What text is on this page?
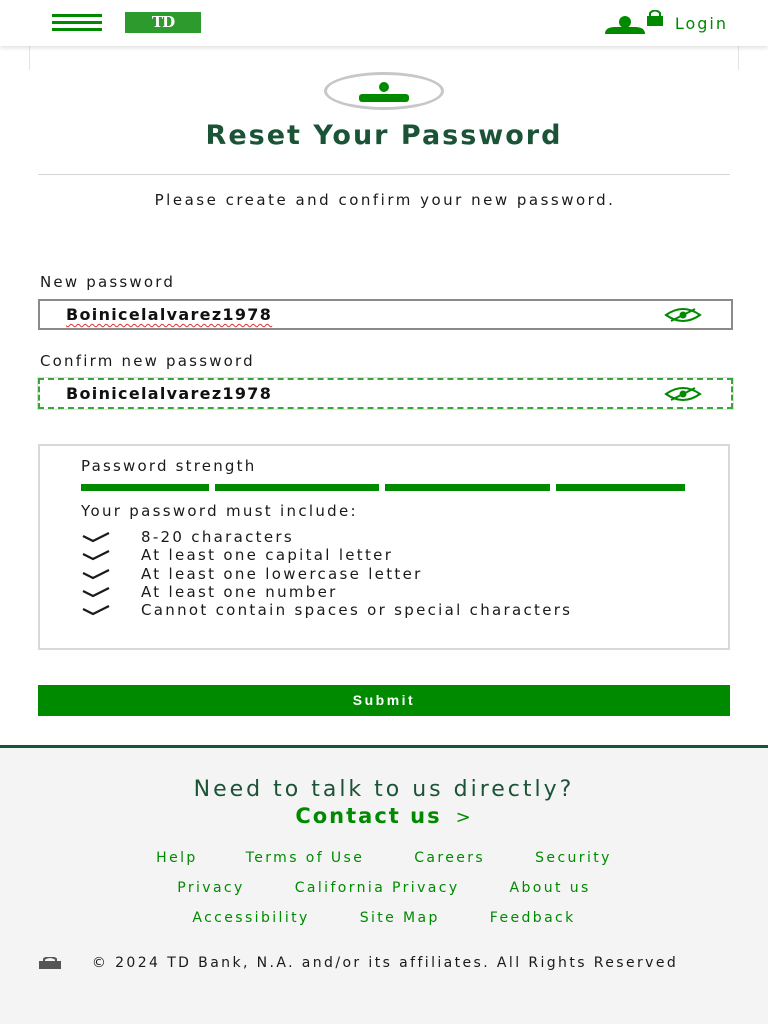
TD	Login
Reset Your Password

Please create and confirm your new password.

New password
Boinicelalvarez1978
Confirm new password
Boinicelalvarez1978
Password strength
Your password must include:
8-20 characters
At least one capital letter
At least one lowercase letter
At least one number
Cannot contain spaces or special characters
Submit
Need to talk to us directly?
Contact us >
Help	Terms of Use	Careers	Security
Privacy	California Privacy	About us
Accessibility	Site Map	Feedback

© 2024 TD Bank, N.A. and/or its affiliates. All Rights Reserved
